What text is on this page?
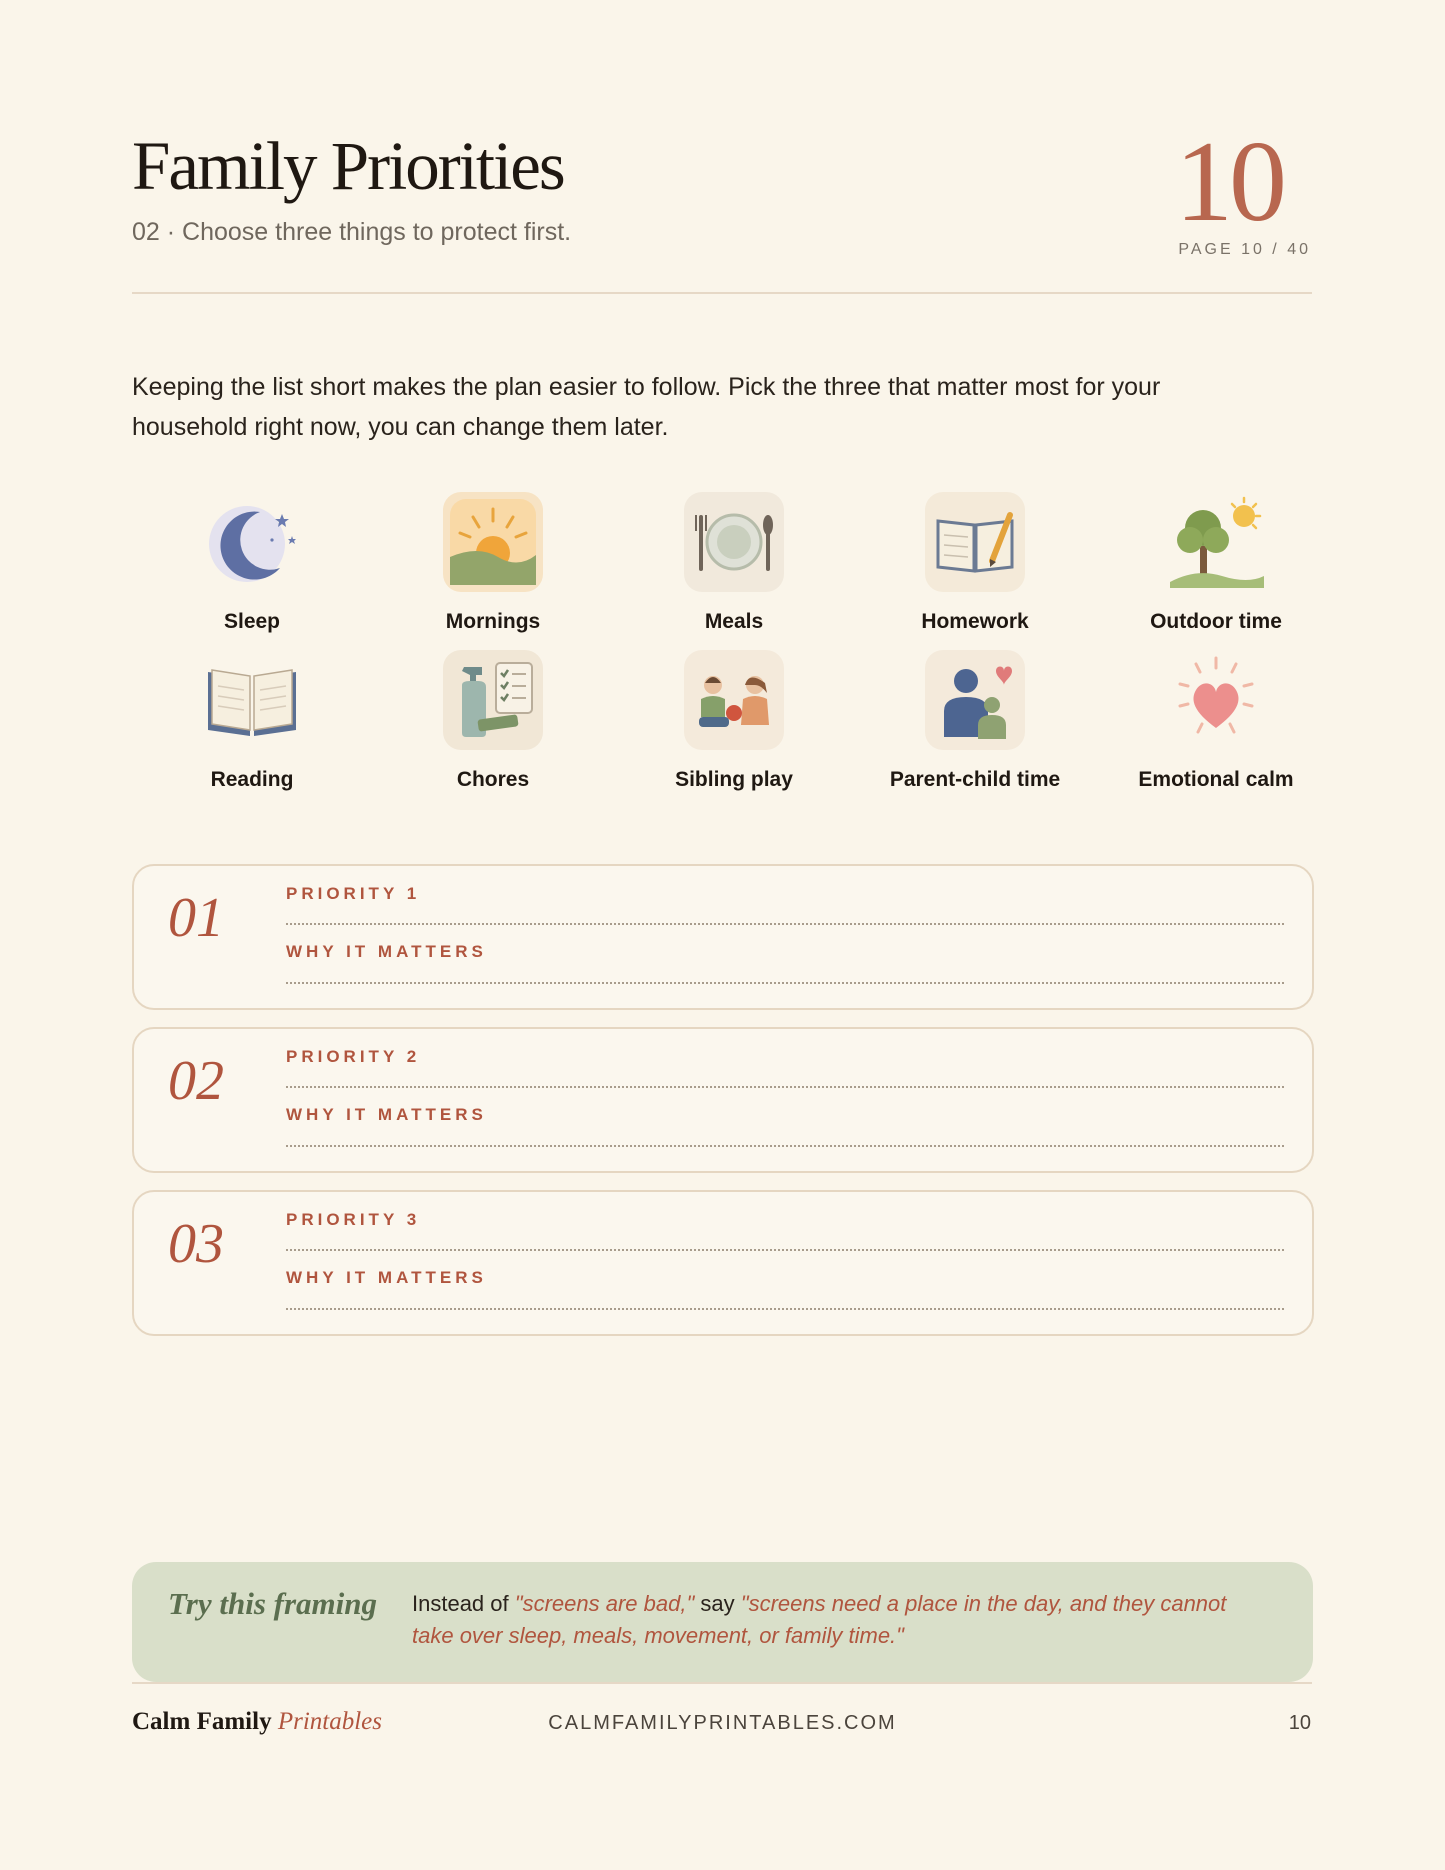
Family Priorities
02 · Choose three things to protect first.	10
PAGE 10 / 40

Keeping the list short makes the plan easier to follow. Pick the three that matter most for your household right now, you can change them later.

Sleep	Mornings	Meals	Homework	Outdoor time
Reading	Chores	Sibling play	Parent-child time	Emotional calm
01	PRIORITY 1
WHY IT MATTERS
02	PRIORITY 2
WHY IT MATTERS
03	PRIORITY 3
WHY IT MATTERS
Try this framing Instead of "screens are bad," say "screens need a place in the day, and they cannot take over sleep, meals, movement, or family time."
Calm Family Printables	CALMFAMILYPRINTABLES.COM	10
